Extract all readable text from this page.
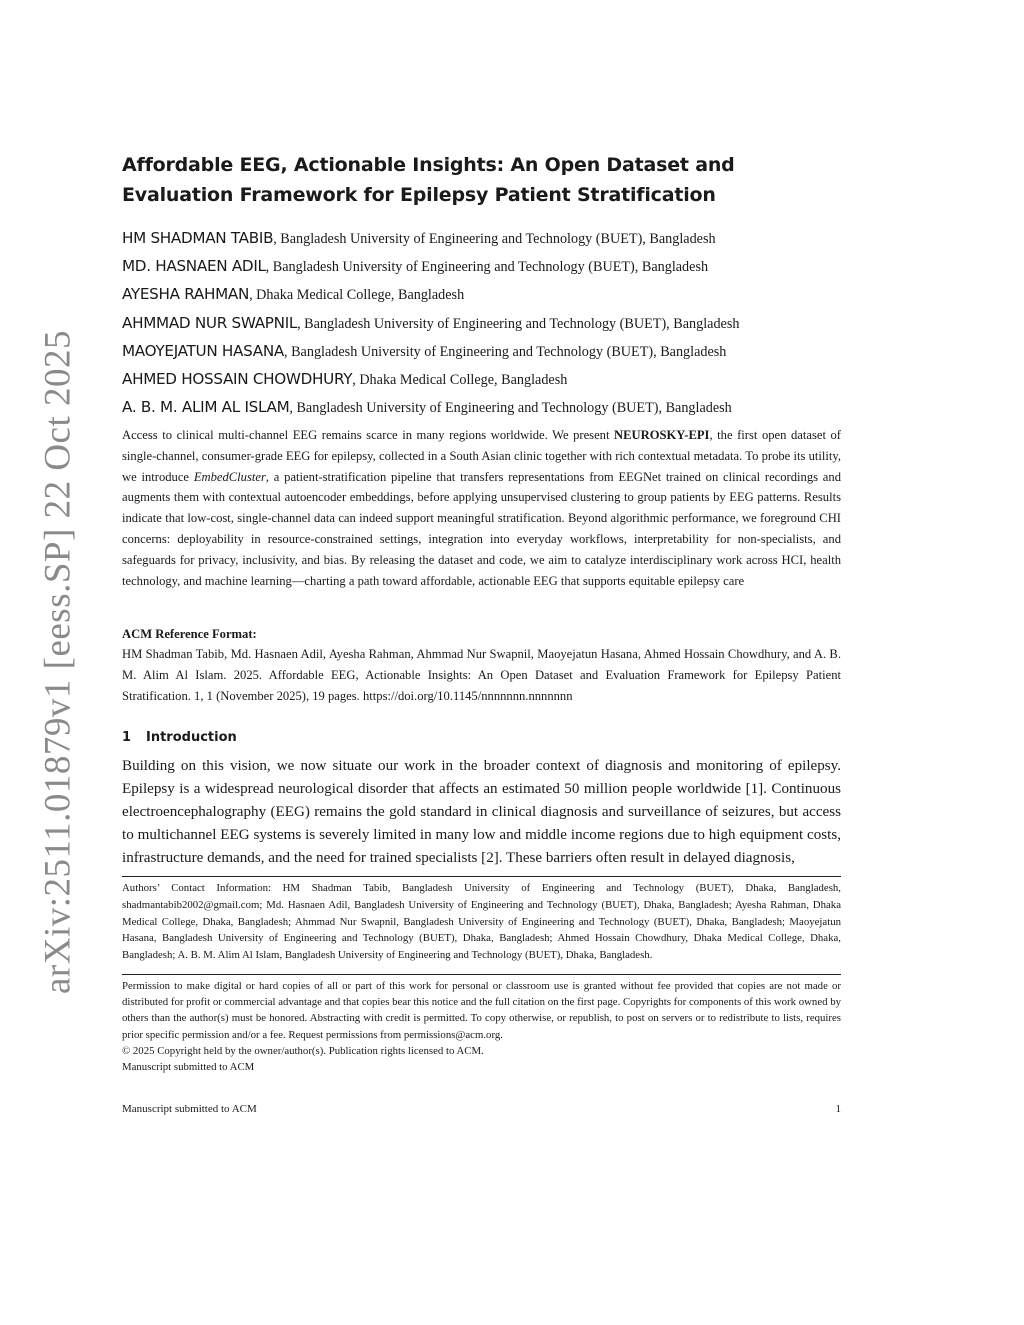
arXiv:2511.01879v1 [eess.SP] 22 Oct 2025
Affordable EEG, Actionable Insights: An Open Dataset and Evaluation Framework for Epilepsy Patient Stratification
HM SHADMAN TABIB, Bangladesh University of Engineering and Technology (BUET), Bangladesh
MD. HASNAEN ADIL, Bangladesh University of Engineering and Technology (BUET), Bangladesh
AYESHA RAHMAN, Dhaka Medical College, Bangladesh
AHMMAD NUR SWAPNIL, Bangladesh University of Engineering and Technology (BUET), Bangladesh
MAOYEJATUN HASANA, Bangladesh University of Engineering and Technology (BUET), Bangladesh
AHMED HOSSAIN CHOWDHURY, Dhaka Medical College, Bangladesh
A. B. M. ALIM AL ISLAM, Bangladesh University of Engineering and Technology (BUET), Bangladesh

Access to clinical multi-channel EEG remains scarce in many regions worldwide. We present NEUROSKY-EPI, the first open dataset of single-channel, consumer-grade EEG for epilepsy, collected in a South Asian clinic together with rich contextual metadata. To probe its utility, we introduce EmbedCluster, a patient-stratification pipeline that transfers representations from EEGNet trained on clinical recordings and augments them with contextual autoencoder embeddings, before applying unsupervised clustering to group patients by EEG patterns. Results indicate that low-cost, single-channel data can indeed support meaningful stratification. Beyond algorithmic performance, we foreground CHI concerns: deployability in resource-constrained settings, integration into everyday workflows, interpretability for non-specialists, and safeguards for privacy, inclusivity, and bias. By releasing the dataset and code, we aim to catalyze interdisciplinary work across HCI, health technology, and machine learning—charting a path toward affordable, actionable EEG that supports equitable epilepsy care

ACM Reference Format:

HM Shadman Tabib, Md. Hasnaen Adil, Ayesha Rahman, Ahmmad Nur Swapnil, Maoyejatun Hasana, Ahmed Hossain Chowdhury, and A. B. M. Alim Al Islam. 2025. Affordable EEG, Actionable Insights: An Open Dataset and Evaluation Framework for Epilepsy Patient Stratification. 1, 1 (November 2025), 19 pages. https://doi.org/10.1145/nnnnnnn.nnnnnnn

1 Introduction

Building on this vision, we now situate our work in the broader context of diagnosis and monitoring of epilepsy. Epilepsy is a widespread neurological disorder that affects an estimated 50 million people worldwide [1]. Continuous electroencephalography (EEG) remains the gold standard in clinical diagnosis and surveillance of seizures, but access to multichannel EEG systems is severely limited in many low and middle income regions due to high equipment costs, infrastructure demands, and the need for trained specialists [2]. These barriers often result in delayed diagnosis,

Authors’ Contact Information: HM Shadman Tabib, Bangladesh University of Engineering and Technology (BUET), Dhaka, Bangladesh, shadmantabib2002@gmail.com; Md. Hasnaen Adil, Bangladesh University of Engineering and Technology (BUET), Dhaka, Bangladesh; Ayesha Rahman, Dhaka Medical College, Dhaka, Bangladesh; Ahmmad Nur Swapnil, Bangladesh University of Engineering and Technology (BUET), Dhaka, Bangladesh; Maoyejatun Hasana, Bangladesh University of Engineering and Technology (BUET), Dhaka, Bangladesh; Ahmed Hossain Chowdhury, Dhaka Medical College, Dhaka, Bangladesh; A. B. M. Alim Al Islam, Bangladesh University of Engineering and Technology (BUET), Dhaka, Bangladesh.

Permission to make digital or hard copies of all or part of this work for personal or classroom use is granted without fee provided that copies are not made or distributed for profit or commercial advantage and that copies bear this notice and the full citation on the first page. Copyrights for components of this work owned by others than the author(s) must be honored. Abstracting with credit is permitted. To copy otherwise, or republish, to post on servers or to redistribute to lists, requires prior specific permission and/or a fee. Request permissions from permissions@acm.org.

© 2025 Copyright held by the owner/author(s). Publication rights licensed to ACM.

Manuscript submitted to ACM

Manuscript submitted to ACM	1
